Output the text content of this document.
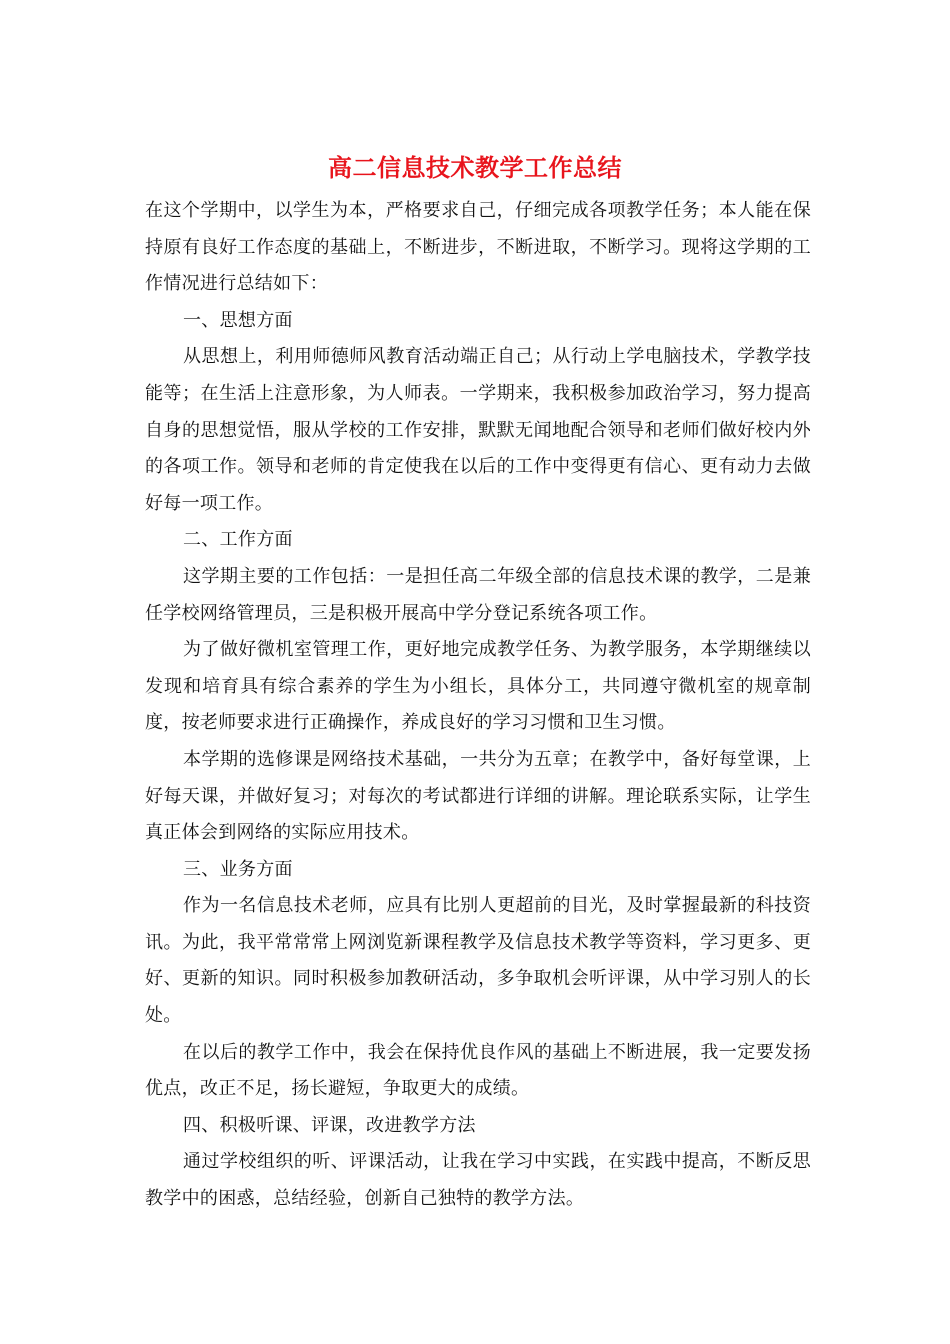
高二信息技术教学工作总结

在这个学期中，以学生为本，严格要求自己，仔细完成各项教学任务；本人能在保持原有良好工作态度的基础上，不断进步，不断进取，不断学习。现将这学期的工作情况进行总结如下：

一、思想方面

从思想上，利用师德师风教育活动端正自己；从行动上学电脑技术，学教学技能等；在生活上注意形象，为人师表。一学期来，我积极参加政治学习，努力提高自身的思想觉悟，服从学校的工作安排，默默无闻地配合领导和老师们做好校内外的各项工作。领导和老师的肯定使我在以后的工作中变得更有信心、更有动力去做好每一项工作。

二、工作方面

这学期主要的工作包括：一是担任高二年级全部的信息技术课的教学，二是兼任学校网络管理员，三是积极开展高中学分登记系统各项工作。

为了做好微机室管理工作，更好地完成教学任务、为教学服务，本学期继续以发现和培育具有综合素养的学生为小组长，具体分工，共同遵守微机室的规章制度，按老师要求进行正确操作，养成良好的学习习惯和卫生习惯。

本学期的选修课是网络技术基础，一共分为五章；在教学中，备好每堂课，上好每天课，并做好复习；对每次的考试都进行详细的讲解。理论联系实际，让学生真正体会到网络的实际应用技术。

三、业务方面

作为一名信息技术老师，应具有比别人更超前的目光，及时掌握最新的科技资讯。为此，我平常常常上网浏览新课程教学及信息技术教学等资料，学习更多、更好、更新的知识。同时积极参加教研活动，多争取机会听评课，从中学习别人的长处。

在以后的教学工作中，我会在保持优良作风的基础上不断进展，我一定要发扬优点，改正不足，扬长避短，争取更大的成绩。

四、积极听课、评课，改进教学方法

通过学校组织的听、评课活动，让我在学习中实践，在实践中提高，不断反思教学中的困惑，总结经验，创新自己独特的教学方法。
